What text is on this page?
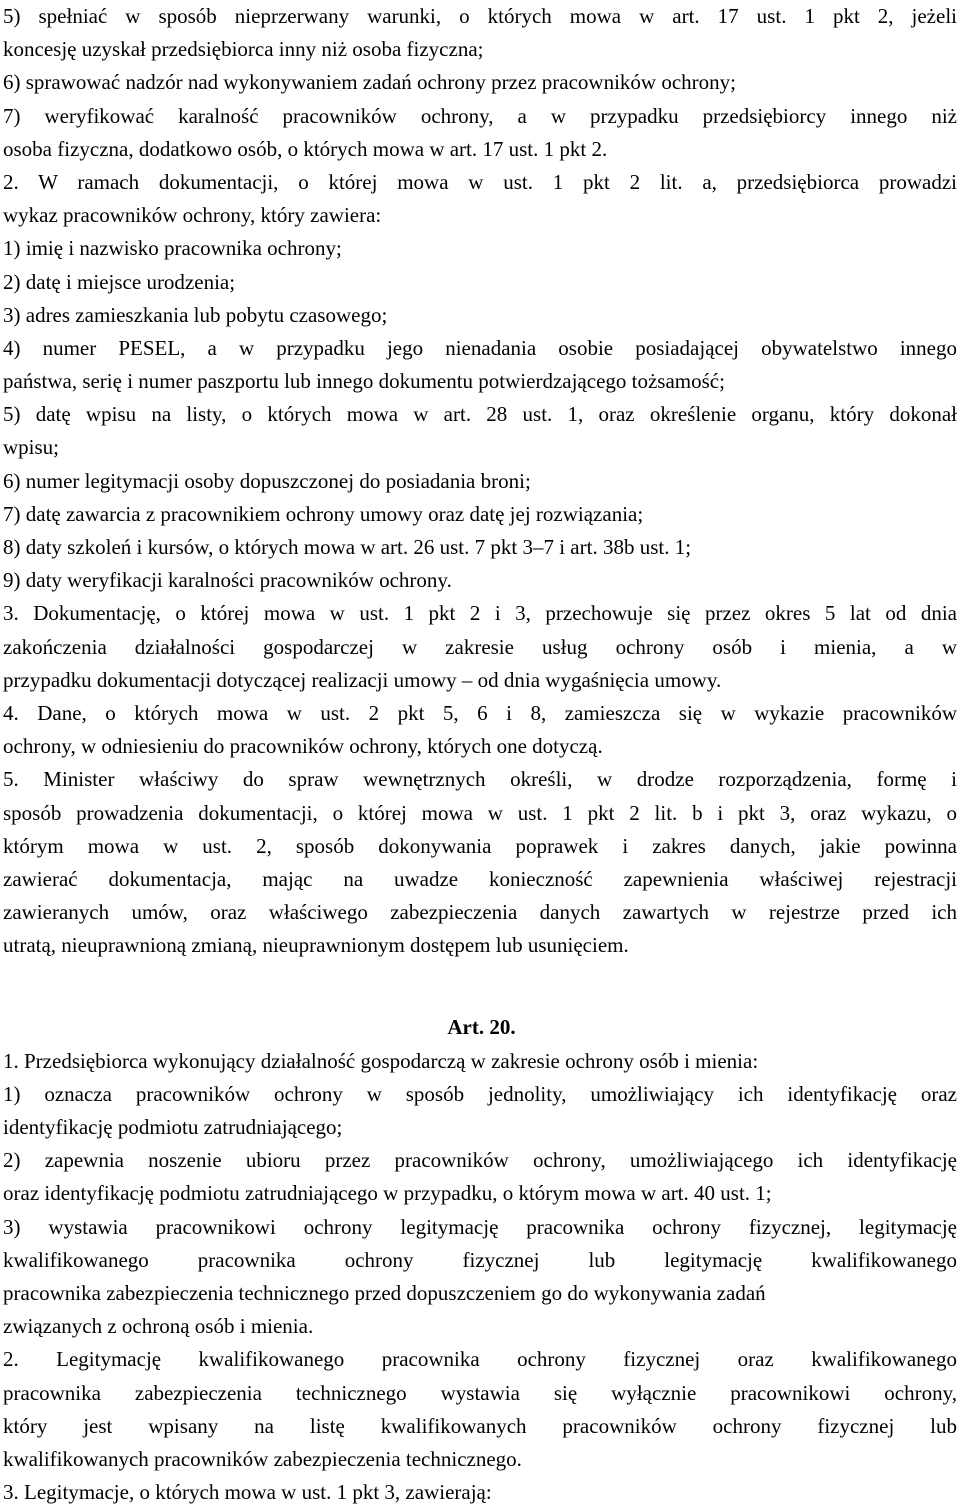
5) spełniać w sposób nieprzerwany warunki, o których mowa w art. 17 ust. 1 pkt 2, jeżeli
koncesję uzyskał przedsiębiorca inny niż osoba fizyczna;
6) sprawować nadzór nad wykonywaniem zadań ochrony przez pracowników ochrony;
7) weryfikować karalność pracowników ochrony, a w przypadku przedsiębiorcy innego niż
osoba fizyczna, dodatkowo osób, o których mowa w art. 17 ust. 1 pkt 2.
2. W ramach dokumentacji, o której mowa w ust. 1 pkt 2 lit. a, przedsiębiorca prowadzi
wykaz pracowników ochrony, który zawiera:
1) imię i nazwisko pracownika ochrony;
2) datę i miejsce urodzenia;
3) adres zamieszkania lub pobytu czasowego;
4) numer PESEL, a w przypadku jego nienadania osobie posiadającej obywatelstwo innego
państwa, serię i numer paszportu lub innego dokumentu potwierdzającego tożsamość;
5) datę wpisu na listy, o których mowa w art. 28 ust. 1, oraz określenie organu, który dokonał
wpisu;
6) numer legitymacji osoby dopuszczonej do posiadania broni;
7) datę zawarcia z pracownikiem ochrony umowy oraz datę jej rozwiązania;
8) daty szkoleń i kursów, o których mowa w art. 26 ust. 7 pkt 3–7 i art. 38b ust. 1;
9) daty weryfikacji karalności pracowników ochrony.
3. Dokumentację, o której mowa w ust. 1 pkt 2 i 3, przechowuje się przez okres 5 lat od dnia
zakończenia działalności gospodarczej w zakresie usług ochrony osób i mienia, a w
przypadku dokumentacji dotyczącej realizacji umowy – od dnia wygaśnięcia umowy.
4. Dane, o których mowa w ust. 2 pkt 5, 6 i 8, zamieszcza się w wykazie pracowników
ochrony, w odniesieniu do pracowników ochrony, których one dotyczą.
5. Minister właściwy do spraw wewnętrznych określi, w drodze rozporządzenia, formę i
sposób prowadzenia dokumentacji, o której mowa w ust. 1 pkt 2 lit. b i pkt 3, oraz wykazu, o
którym mowa w ust. 2, sposób dokonywania poprawek i zakres danych, jakie powinna
zawierać dokumentacja, mając na uwadze konieczność zapewnienia właściwej rejestracji
zawieranych umów, oraz właściwego zabezpieczenia danych zawartych w rejestrze przed ich
utratą, nieuprawnioną zmianą, nieuprawnionym dostępem lub usunięciem.
Art. 20.
1. Przedsiębiorca wykonujący działalność gospodarczą w zakresie ochrony osób i mienia:
1) oznacza pracowników ochrony w sposób jednolity, umożliwiający ich identyfikację oraz
identyfikację podmiotu zatrudniającego;
2) zapewnia noszenie ubioru przez pracowników ochrony, umożliwiającego ich identyfikację
oraz identyfikację podmiotu zatrudniającego w przypadku, o którym mowa w art. 40 ust. 1;
3) wystawia pracownikowi ochrony legitymację pracownika ochrony fizycznej, legitymację
kwalifikowanego pracownika ochrony fizycznej lub legitymację kwalifikowanego
pracownika zabezpieczenia technicznego przed dopuszczeniem go do wykonywania zadań
związanych z ochroną osób i mienia.
2. Legitymację kwalifikowanego pracownika ochrony fizycznej oraz kwalifikowanego
pracownika zabezpieczenia technicznego wystawia się wyłącznie pracownikowi ochrony,
który jest wpisany na listę kwalifikowanych pracowników ochrony fizycznej lub
kwalifikowanych pracowników zabezpieczenia technicznego.
3. Legitymacje, o których mowa w ust. 1 pkt 3, zawierają:
